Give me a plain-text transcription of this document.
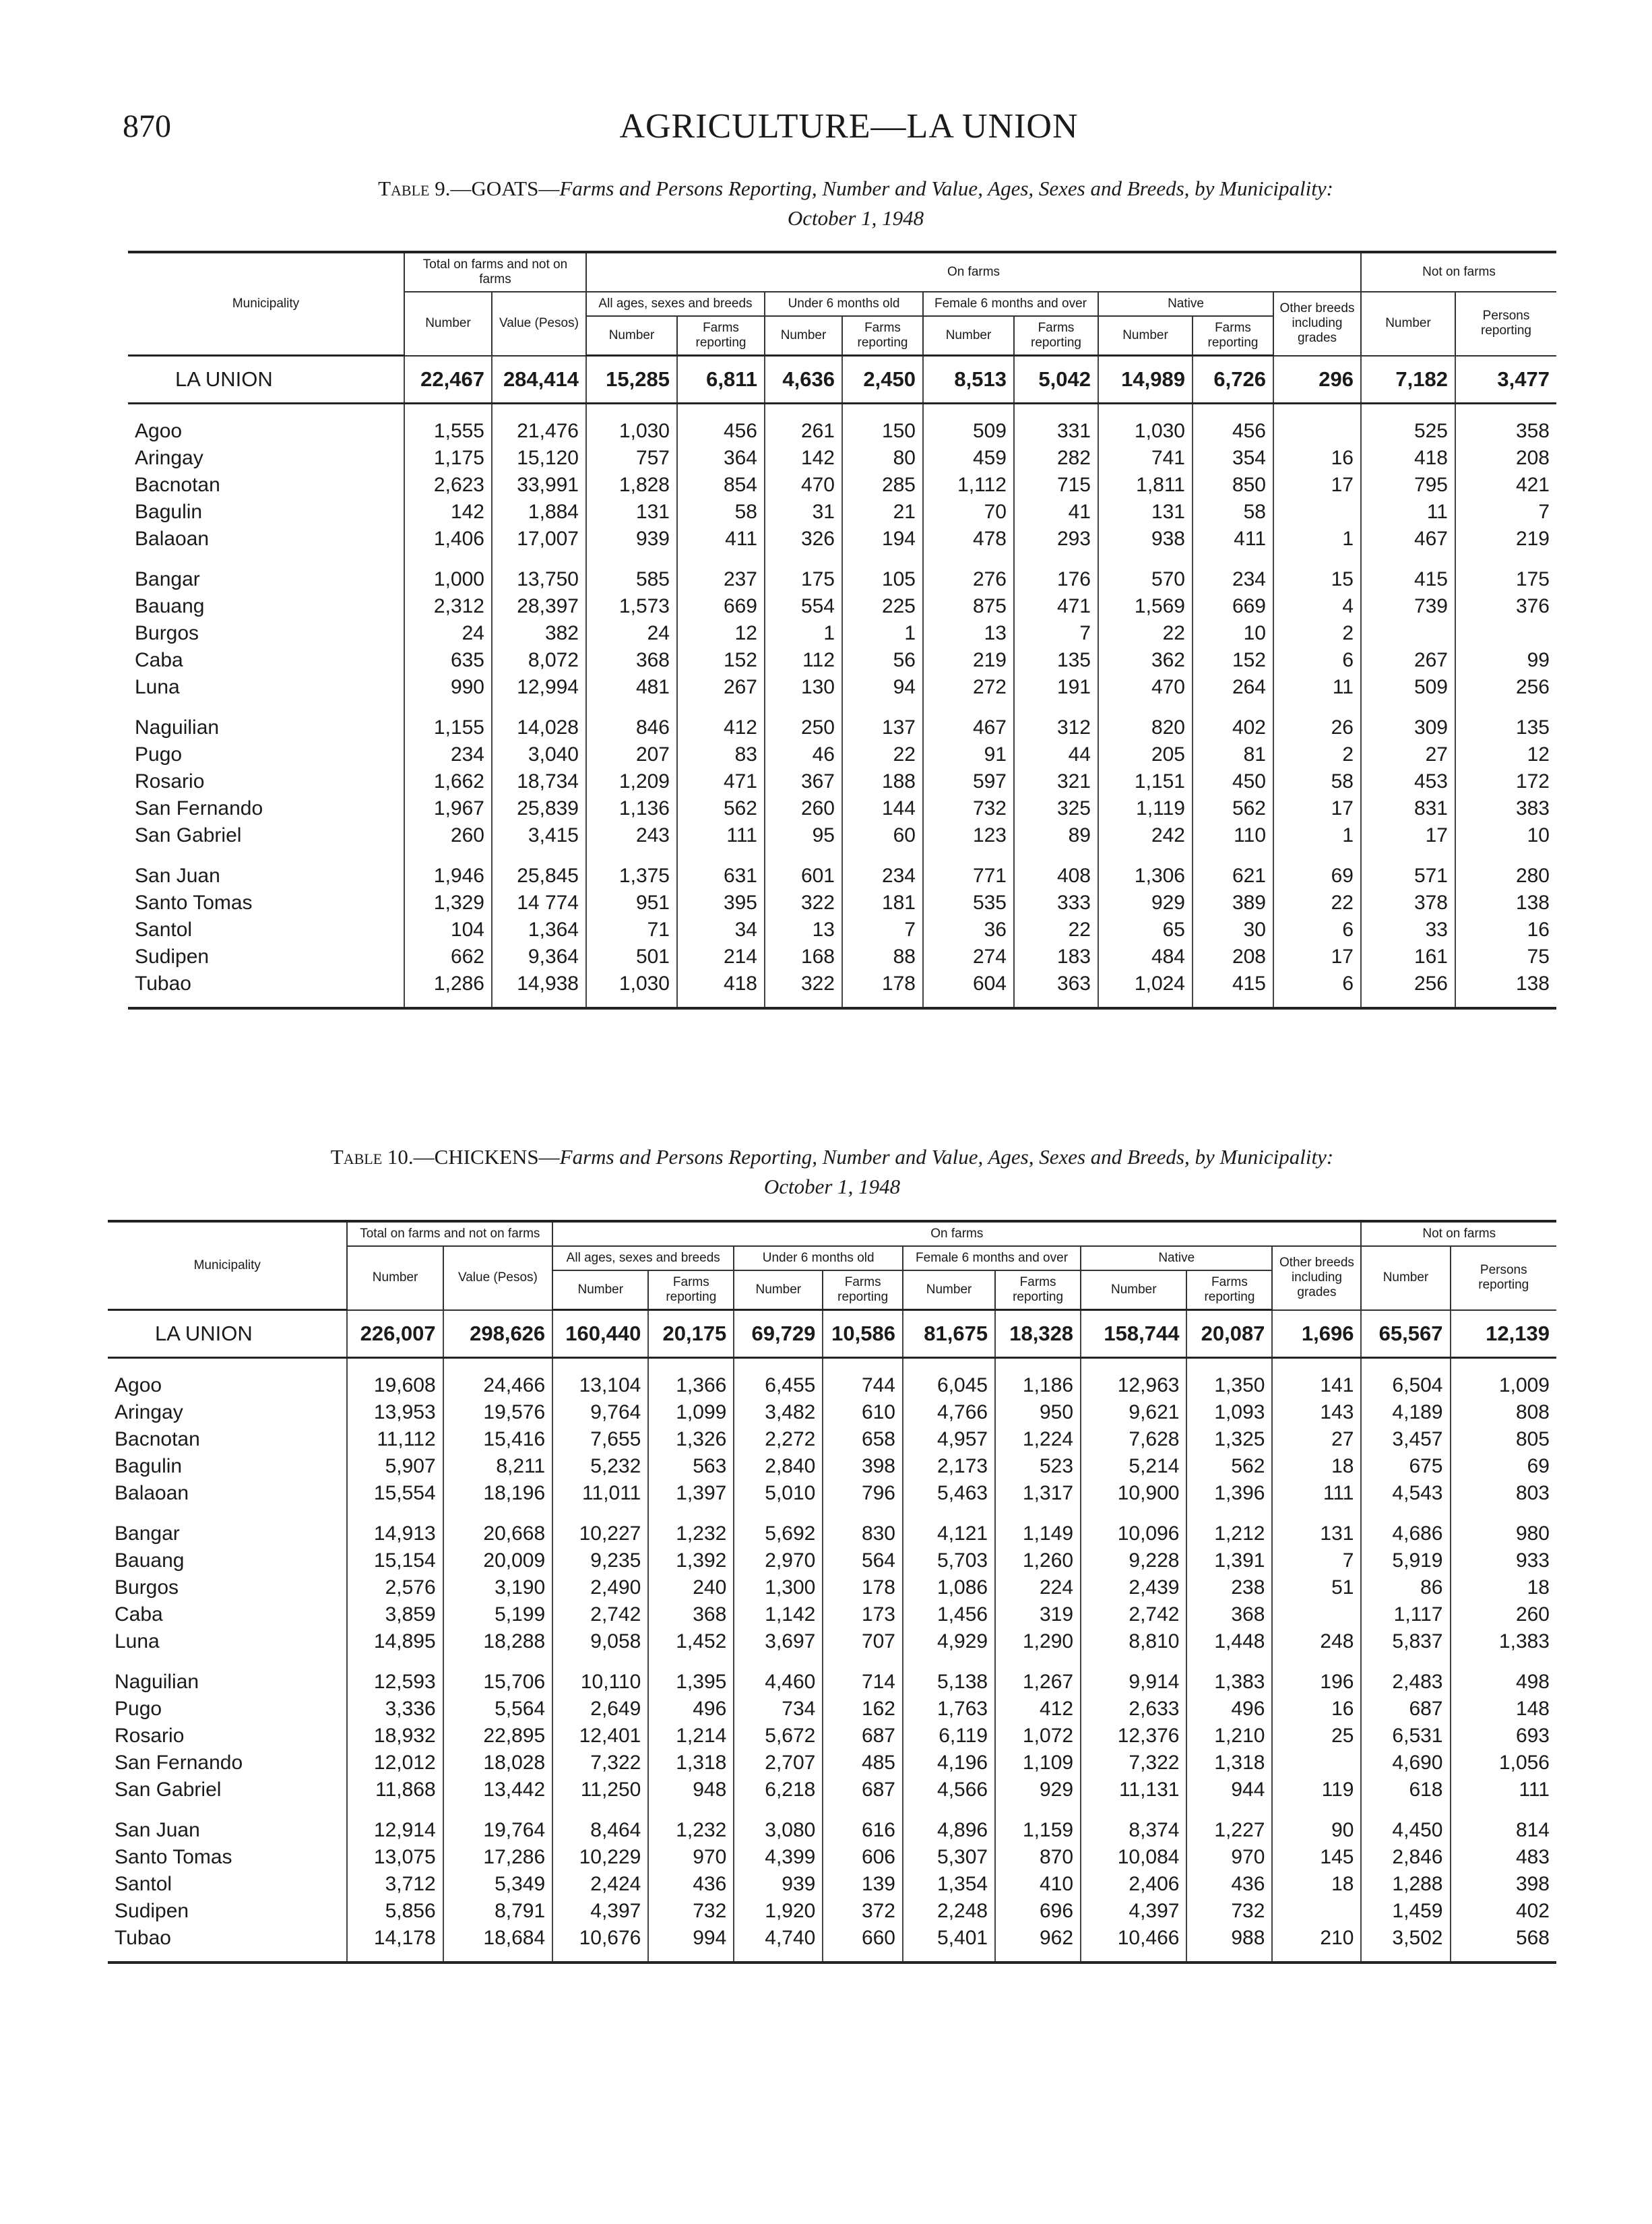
870	AGRICULTURE—LA UNION
Table 9.—GOATS—Farms and Persons Reporting, Number and Value, Ages, Sexes and Breeds, by Municipality:
October 1, 1948
Municipality	Total on farms and not on farms		On farms									Not on farms	
	Number	Value (Pesos)	All ages, sexes and breeds		Under 6 months old		Female 6 months and over		Native		Other breeds including grades	Number	Persons reporting
			Number	Farms reporting	Number	Farms reporting	Number	Farms reporting	Number	Farms reporting			
LA UNION	22,467	284,414	15,285	6,811	4,636	2,450	8,513	5,042	14,989	6,726	296	7,182	3,477
Agoo	1,555	21,476	1,030	456	261	150	509	331	1,030	456		525	358
Aringay	1,175	15,120	757	364	142	80	459	282	741	354	16	418	208
Bacnotan	2,623	33,991	1,828	854	470	285	1,112	715	1,811	850	17	795	421
Bagulin	142	1,884	131	58	31	21	70	41	131	58		11	7
Balaoan	1,406	17,007	939	411	326	194	478	293	938	411	1	467	219
Bangar	1,000	13,750	585	237	175	105	276	176	570	234	15	415	175
Bauang	2,312	28,397	1,573	669	554	225	875	471	1,569	669	4	739	376
Burgos	24	382	24	12	1	1	13	7	22	10	2		
Caba	635	8,072	368	152	112	56	219	135	362	152	6	267	99
Luna	990	12,994	481	267	130	94	272	191	470	264	11	509	256
Naguilian	1,155	14,028	846	412	250	137	467	312	820	402	26	309	135
Pugo	234	3,040	207	83	46	22	91	44	205	81	2	27	12
Rosario	1,662	18,734	1,209	471	367	188	597	321	1,151	450	58	453	172
San Fernando	1,967	25,839	1,136	562	260	144	732	325	1,119	562	17	831	383
San Gabriel	260	3,415	243	111	95	60	123	89	242	110	1	17	10
San Juan	1,946	25,845	1,375	631	601	234	771	408	1,306	621	69	571	280
Santo Tomas	1,329	14 774	951	395	322	181	535	333	929	389	22	378	138
Santol	104	1,364	71	34	13	7	36	22	65	30	6	33	16
Sudipen	662	9,364	501	214	168	88	274	183	484	208	17	161	75
Tubao	1,286	14,938	1,030	418	322	178	604	363	1,024	415	6	256	138

Table 10.—CHICKENS—Farms and Persons Reporting, Number and Value, Ages, Sexes and Breeds, by Municipality:
October 1, 1948
Municipality	Total on farms and not on farms		On farms									Not on farms	
	Number	Value (Pesos)	All ages, sexes and breeds		Under 6 months old		Female 6 months and over		Native		Other breeds including grades	Number	Persons reporting
			Number	Farms reporting	Number	Farms reporting	Number	Farms reporting	Number	Farms reporting			
LA UNION	226,007	298,626	160,440	20,175	69,729	10,586	81,675	18,328	158,744	20,087	1,696	65,567	12,139
Agoo	19,608	24,466	13,104	1,366	6,455	744	6,045	1,186	12,963	1,350	141	6,504	1,009
Aringay	13,953	19,576	9,764	1,099	3,482	610	4,766	950	9,621	1,093	143	4,189	808
Bacnotan	11,112	15,416	7,655	1,326	2,272	658	4,957	1,224	7,628	1,325	27	3,457	805
Bagulin	5,907	8,211	5,232	563	2,840	398	2,173	523	5,214	562	18	675	69
Balaoan	15,554	18,196	11,011	1,397	5,010	796	5,463	1,317	10,900	1,396	111	4,543	803
Bangar	14,913	20,668	10,227	1,232	5,692	830	4,121	1,149	10,096	1,212	131	4,686	980
Bauang	15,154	20,009	9,235	1,392	2,970	564	5,703	1,260	9,228	1,391	7	5,919	933
Burgos	2,576	3,190	2,490	240	1,300	178	1,086	224	2,439	238	51	86	18
Caba	3,859	5,199	2,742	368	1,142	173	1,456	319	2,742	368		1,117	260
Luna	14,895	18,288	9,058	1,452	3,697	707	4,929	1,290	8,810	1,448	248	5,837	1,383
Naguilian	12,593	15,706	10,110	1,395	4,460	714	5,138	1,267	9,914	1,383	196	2,483	498
Pugo	3,336	5,564	2,649	496	734	162	1,763	412	2,633	496	16	687	148
Rosario	18,932	22,895	12,401	1,214	5,672	687	6,119	1,072	12,376	1,210	25	6,531	693
San Fernando	12,012	18,028	7,322	1,318	2,707	485	4,196	1,109	7,322	1,318		4,690	1,056
San Gabriel	11,868	13,442	11,250	948	6,218	687	4,566	929	11,131	944	119	618	111
San Juan	12,914	19,764	8,464	1,232	3,080	616	4,896	1,159	8,374	1,227	90	4,450	814
Santo Tomas	13,075	17,286	10,229	970	4,399	606	5,307	870	10,084	970	145	2,846	483
Santol	3,712	5,349	2,424	436	939	139	1,354	410	2,406	436	18	1,288	398
Sudipen	5,856	8,791	4,397	732	1,920	372	2,248	696	4,397	732		1,459	402
Tubao	14,178	18,684	10,676	994	4,740	660	5,401	962	10,466	988	210	3,502	568
